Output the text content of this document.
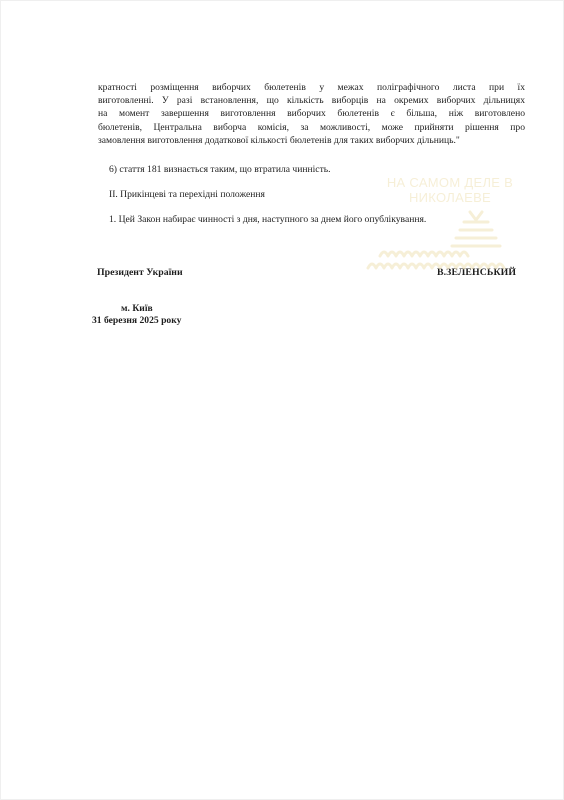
кратності розміщення виборчих бюлетенів у межах поліграфічного листа при їх
виготовленні. У разі встановлення, що кількість виборців на окремих виборчих дільницях
на момент завершення виготовлення виборчих бюлетенів є більша, ніж виготовлено
бюлетенів, Центральна виборча комісія, за можливості, може прийняти рішення про
замовлення виготовлення додаткової кількості бюлетенів для таких виборчих дільниць."
6) стаття 181 визнається таким, що втратила чинність.
II. Прикінцеві та перехідні положення
1. Цей Закон набирає чинності з дня, наступного за днем його опублікування.
Президент України	В.ЗЕЛЕНСЬКИЙ
м. Київ
31 березня 2025 року
НА САМОМ ДЕЛЕ В
НИКОЛАЕВЕ
